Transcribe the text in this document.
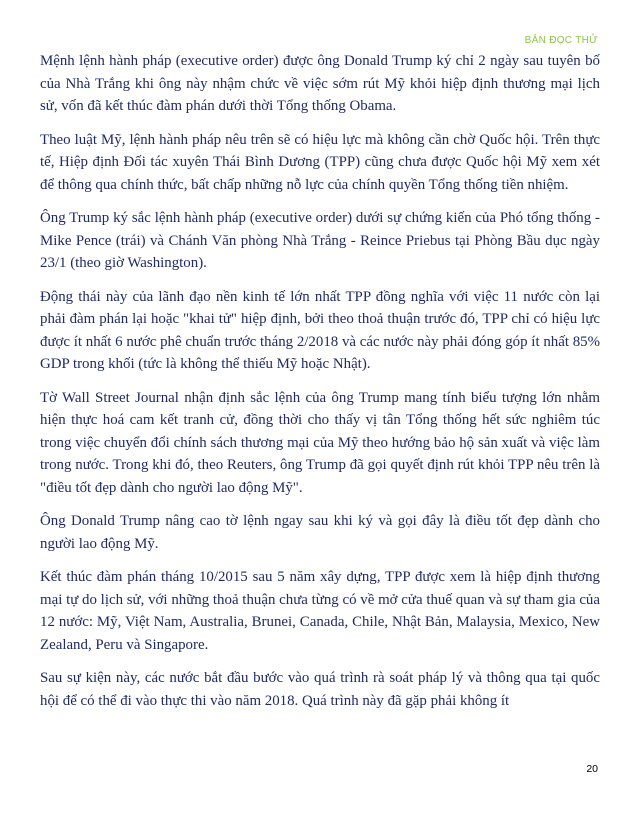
BẢN ĐỌC THỬ

Mệnh lệnh hành pháp (executive order) được ông Donald Trump ký chỉ 2 ngày sau tuyên bố của Nhà Trắng khi ông này nhậm chức về việc sớm rút Mỹ khỏi hiệp định thương mại lịch sử, vốn đã kết thúc đàm phán dưới thời Tổng thống Obama.

Theo luật Mỹ, lệnh hành pháp nêu trên sẽ có hiệu lực mà không cần chờ Quốc hội. Trên thực tế, Hiệp định Đối tác xuyên Thái Bình Dương (TPP) cũng chưa được Quốc hội Mỹ xem xét để thông qua chính thức, bất chấp những nỗ lực của chính quyền Tổng thống tiền nhiệm.

Ông Trump ký sắc lệnh hành pháp (executive order) dưới sự chứng kiến của Phó tổng thống - Mike Pence (trái) và Chánh Văn phòng Nhà Trắng - Reince Priebus tại Phòng Bầu dục ngày 23/1 (theo giờ Washington).

Động thái này của lãnh đạo nền kinh tế lớn nhất TPP đồng nghĩa với việc 11 nước còn lại phải đàm phán lại hoặc "khai tử" hiệp định, bởi theo thoả thuận trước đó, TPP chỉ có hiệu lực được ít nhất 6 nước phê chuẩn trước tháng 2/2018 và các nước này phải đóng góp ít nhất 85% GDP trong khối (tức là không thể thiếu Mỹ hoặc Nhật).

Tờ Wall Street Journal nhận định sắc lệnh của ông Trump mang tính biểu tượng lớn nhằm hiện thực hoá cam kết tranh cử, đồng thời cho thấy vị tân Tổng thống hết sức nghiêm túc trong việc chuyển đổi chính sách thương mại của Mỹ theo hướng bảo hộ sản xuất và việc làm trong nước. Trong khi đó, theo Reuters, ông Trump đã gọi quyết định rút khỏi TPP nêu trên là "điều tốt đẹp dành cho người lao động Mỹ".

Ông Donald Trump nâng cao tờ lệnh ngay sau khi ký và gọi đây là điều tốt đẹp dành cho người lao động Mỹ.

Kết thúc đàm phán tháng 10/2015 sau 5 năm xây dựng, TPP được xem là hiệp định thương mại tự do lịch sử, với những thoả thuận chưa từng có về mở cửa thuế quan và sự tham gia của 12 nước: Mỹ, Việt Nam, Australia, Brunei, Canada, Chile, Nhật Bản, Malaysia, Mexico, New Zealand, Peru và Singapore.

Sau sự kiện này, các nước bắt đầu bước vào quá trình rà soát pháp lý và thông qua tại quốc hội để có thể đi vào thực thi vào năm 2018. Quá trình này đã gặp phải không ít

20
